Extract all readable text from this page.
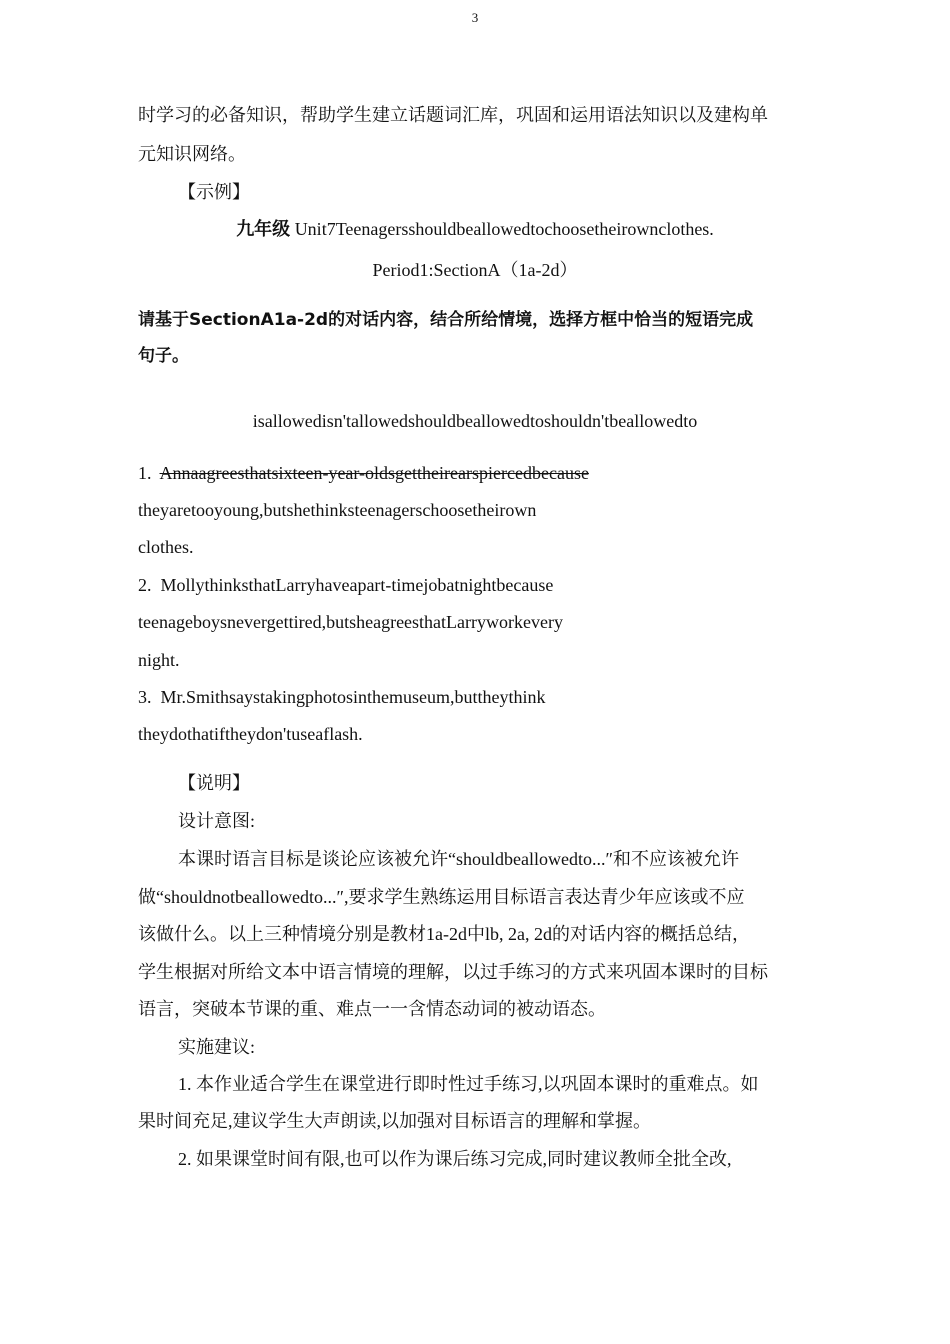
3
时学习的必备知识，帮助学生建立话题词汇库，巩固和运用语法知识以及建构单
元知识网络。
【示例】
九年级 Unit7Teenagersshouldbeallowedtochoosetheirownclothes.
Period1:SectionA（1a-2d）
请基于SectionA1a-2d的对话内容，结合所给情境，选择方框中恰当的短语完成
句子。
isallowedisn'tallowedshouldbeallowedtoshouldn'tbeallowedto
1. Annaagreesthatsixteen-year-oldsgettheirearspiercedbecause
theyaretooyoung,butshethinksteenagerschoosetheirown
clothes.
2. MollythinksthatLarryhaveapart-timejobatnightbecause
teenageboysnevergettired,butsheagreesthatLarryworkevery
night.
3. Mr.Smithsaystakingphotosinthemuseum,buttheythink
theydothatiftheydon'tuseaflash.
【说明】
设计意图:
本课时语言目标是谈论应该被允许“shouldbeallowedto...″和不应该被允许
做“shouldnotbeallowedto...″,要求学生熟练运用目标语言表达青少年应该或不应
该做什么。以上三种情境分别是教材1a-2d中lb, 2a, 2d的对话内容的概括总结，
学生根据对所给文本中语言情境的理解，以过手练习的方式来巩固本课时的目标
语言，突破本节课的重、难点一一含情态动词的被动语态。
实施建议:
1. 本作业适合学生在课堂进行即时性过手练习,以巩固本课时的重难点。如
果时间充足,建议学生大声朗读,以加强对目标语言的理解和掌握。
2. 如果课堂时间有限,也可以作为课后练习完成,同时建议教师全批全改,
